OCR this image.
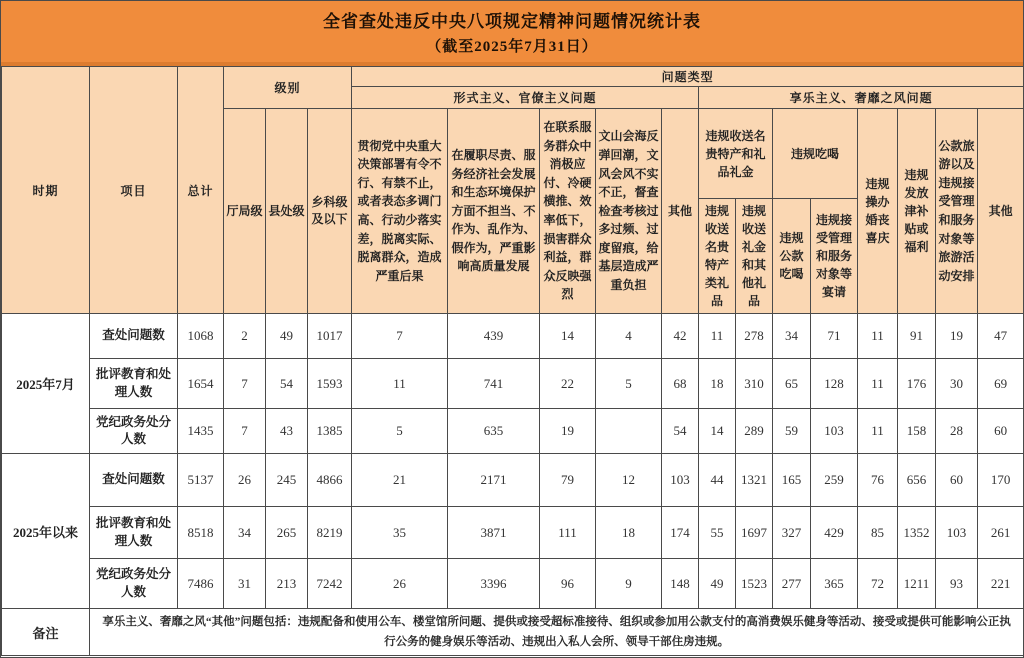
全省查处违反中央八项规定精神问题情况统计表
（截至2025年7月31日）
时期	项目	总计	级别			问题类型												
						形式主义、官僚主义问题					享乐主义、奢靡之风问题							
			厅局级	县处级	乡科级及以下	贯彻党中央重大决策部署有令不行、有禁不止，或者表态多调门高、行动少落实差，脱离实际、脱离群众，造成严重后果	在履职尽责、服务经济社会发展和生态环境保护方面不担当、不作为、乱作为、假作为，严重影响高质量发展	在联系服务群众中消极应付、冷硬横推、效率低下，损害群众利益，群众反映强烈	文山会海反弹回潮，文风会风不实不正，督查检查考核过多过频、过度留痕，给基层造成严重负担	其他	违规收送名贵特产和礼品礼金		违规吃喝		违规操办婚丧喜庆	违规发放津补贴或福利	公款旅游以及违规接受管理和服务对象等旅游活动安排	其他
											违规收送名贵特产类礼品	违规收送礼金和其他礼品	违规公款吃喝	违规接受管理和服务对象等宴请				
2025年7月	查处问题数	1068	2	49	1017	7	439	14	4	42	11	278	34	71	11	91	19	47
	批评教育和处理人数	1654	7	54	1593	11	741	22	5	68	18	310	65	128	11	176	30	69
	党纪政务处分人数	1435	7	43	1385	5	635	19		54	14	289	59	103	11	158	28	60
2025年以来	查处问题数	5137	26	245	4866	21	2171	79	12	103	44	1321	165	259	76	656	60	170
	批评教育和处理人数	8518	34	265	8219	35	3871	111	18	174	55	1697	327	429	85	1352	103	261
	党纪政务处分人数	7486	31	213	7242	26	3396	96	9	148	49	1523	277	365	72	1211	93	221
备注	享乐主义、奢靡之风“其他”问题包括：违规配备和使用公车、楼堂馆所问题、提供或接受超标准接待、组织或参加用公款支付的高消费娱乐健身等活动、接受或提供可能影响公正执行公务的健身娱乐等活动、违规出入私人会所、领导干部住房违规。																	
